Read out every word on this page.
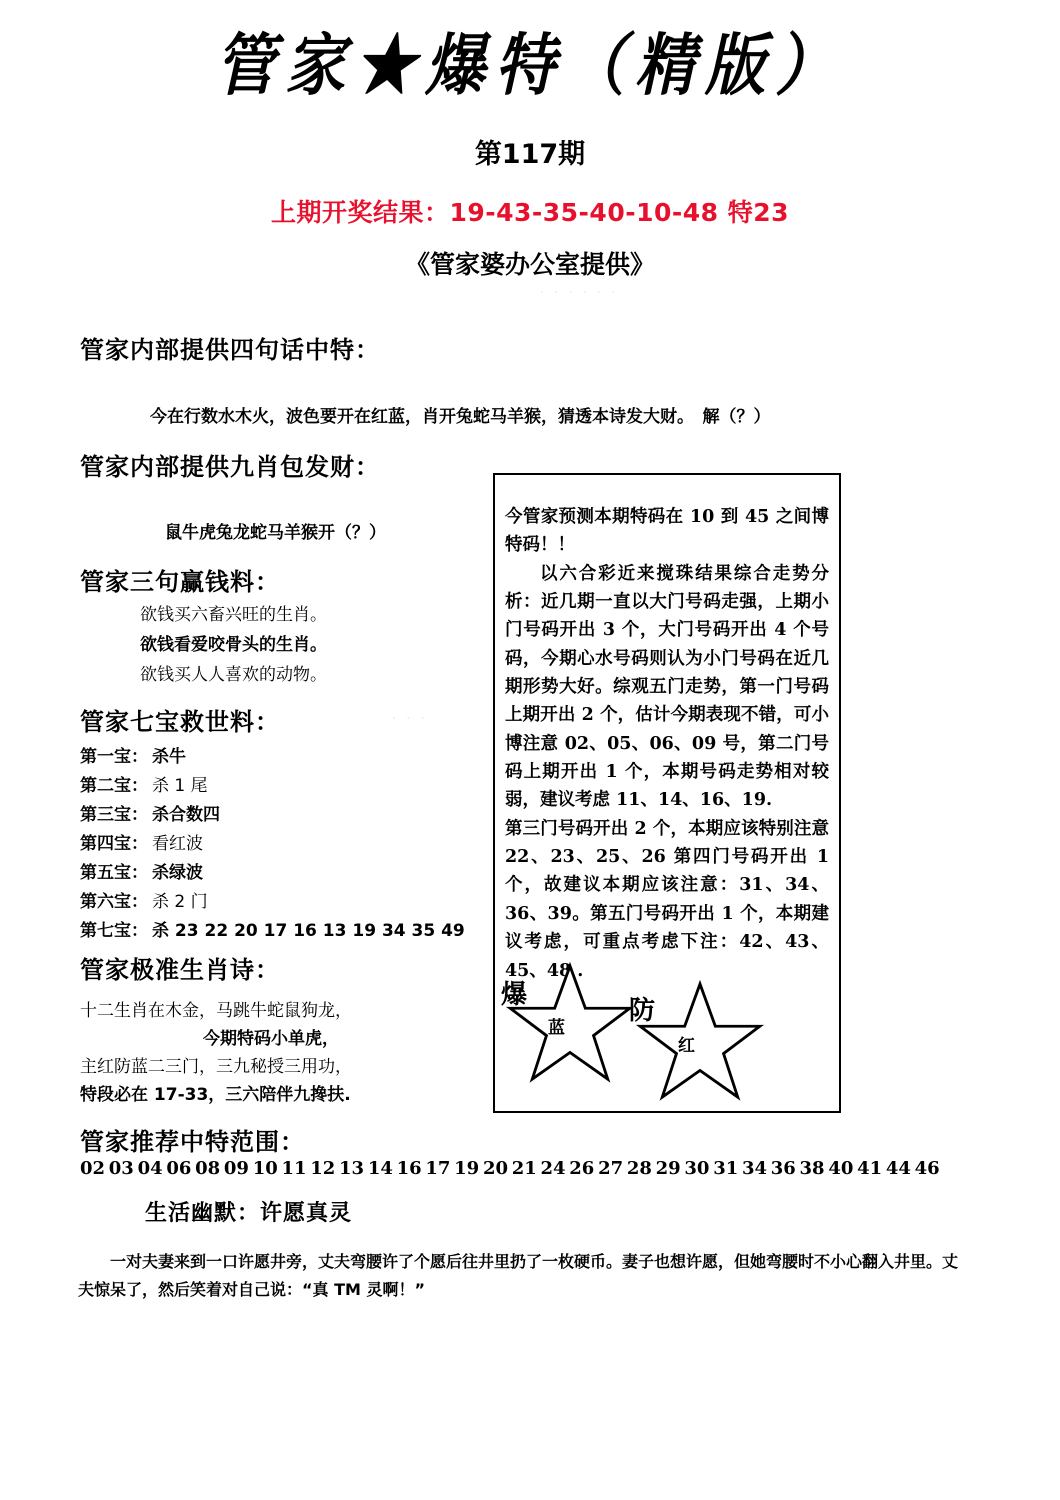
管家★爆特（精版）
第117期
上期开奖结果：19-43-35-40-10-48 特23
《管家婆办公室提供》
· · · · · ·
管家内部提供四句话中特：
今在行数水木火，波色要开在红蓝，肖开兔蛇马羊猴，猜透本诗发大财。　解（？）
管家内部提供九肖包发财：
鼠牛虎兔龙蛇马羊猴开（？）
管家三句赢钱料：
欲钱买六畜兴旺的生肖。
欲钱看爱咬骨头的生肖。
欲钱买人人喜欢的动物。
管家七宝救世料：	. . .
第一宝： 杀牛
第二宝： 杀 1 尾
第三宝： 杀合数四
第四宝： 看红波
第五宝： 杀绿波
第六宝： 杀 2 门
第七宝： 杀 23 22 20 17 16 13 19 34 35 49
管家极准生肖诗：
十二生肖在木金，马跳牛蛇鼠狗龙，
今期特码小单虎，
主红防蓝二三门，三九秘授三用功，
特段必在 17-33，三六陪伴九搀扶.
管家推荐中特范围：
02 03 04 06 08 09 10 11 12 13 14 16 17 19 20 21 24 26 27 28 29 30 31 34 36 38 40 41 44 46

今管家预测本期特码在 10 到 45 之间博特码！！

以六合彩近来搅珠结果综合走势分析：近几期一直以大门号码走强，上期小门号码开出 3 个，大门号码开出 4 个号码，今期心水号码则认为小门号码在近几期形势大好。综观五门走势，第一门号码上期开出 2 个，估计今期表现不错，可小博注意 02、05、06、09 号，第二门号码上期开出 1 个，本期号码走势相对较弱，建议考虑 11、14、16、19.

第三门号码开出 2 个，本期应该特别注意 22、23、25、26 第四门号码开出 1 个，故建议本期应该注意：31、34、36、39。第五门号码开出 1 个，本期建议考虑，可重点考虑下注：42、43、45、48 .

爆
蓝
防
红
生活幽默：许愿真灵
一对夫妻来到一口许愿井旁，丈夫弯腰许了个愿后往井里扔了一枚硬币。妻子也想许愿，但她弯腰时不小心翻入井里。丈夫惊呆了，然后笑着对自己说：“真 TM 灵啊！”
